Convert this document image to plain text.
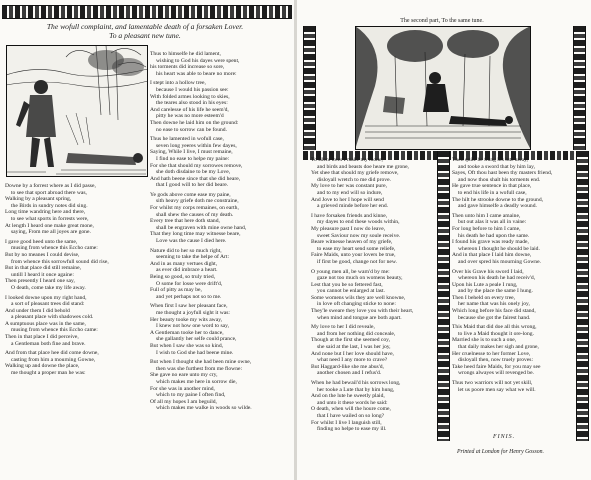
The wofull complaint, and lamentable death of a forsaken Lover.
To a pleasant new tune.
Downe by a forrest where as I did passe,
to see that sport abroad there was,
Walking by a pleasant spring,
the Birds in sundry notes did sing.
Long time wandring here and there,
to see what sports in forrests were,
At length I heard one make great mone,
saying, From me all joyes are gone.
I gave good heed unto the same,
musing from whence this Eccho came:
But by no meanes I could devise,
from whence this sorrowfull sound did rise,
But in that place did still remaine,
untill I heard it once againe:
Then presently I heard one say,
O death, come take my life away.
I looked downe upon my right hand,
a sort of pleasant trees did stand:
And under them I did behold
a pleasant place with shadowes cold.
A sumptuous place was in the same,
musing from whence this Eccho came:
Then in that place I did perceive,
a Gentleman both fine and brave.
And from that place hee did come downe,
casting from him a mourning Gowne,
Walking up and downe the place,
me thought a proper man he was:
Thus to himselfe he did lament,
wishing to God his dayes were spent,
his torments did increase so sore,
his heart was able to beare no more:
I stept into a hollow tree,
because I would his passion see:
With folded armes looking to skies,
the teares also stood in his eyes:
And carelesse of his life he seem'd,
pitty he was no more esteem'd
Then downe he laid him on the ground:
no ease to sorrow can be found.
Thus he lamented in wofull case,
seven long yeeres within few dayes,
Saying, While I live, I must remaine,
I find no ease to helpe my paine:
For she that should my sorrowes remove,
she doth disdaine to be my Love,
And hath beene since that she did heare,
that I good will to her did beare.
Ye gods above come ease my paine,
sith heavy griefe doth me constraine,
For whilst my corps remaines, on earth,
shall shew the causes of my death.
Every tree that here doth stand,
shall be engraven with mine owne hand,
That they long time may witnesse beare,
Love was the cause I died here.
Nature did to her so much right,
seeming to take the helpe of Art:
And in as many vertues dight,
as ever did imbrace a heart.
Being so good, so truly tried,
O some for losse were drift'd,
Full of pitty as may be,
and yet perhaps not so to me.
When first I saw her pleasant face,
me thought a joyfull sight it was:
Her beauty tooke my wits away,
I knew not how one word to say,
A Gentleman tooke her to dance,
she gallantly her selfe could prance,
But when I saw she was so kind,
I wish to God she had beene mine.
But when I thought she had been mine owne,
then was she furthest from me flowne:
She gave no eare unto my cry,
which makes me here in sorrow die,
For she was in another mind,
which to my paine I often find,
Of all my hopes I am beguild,
which makes me walke in woods so wilde.
The second part, To the same tune.
To silent trees I make my mone,
and birds and beasts doe heare me grone,
Yet shee that should my griefe remove,
disloyall wretch to me did prove.
My love to her was constant pure,
and to my end will so indure,
And Jove to her I hope will send
a grieved minde before her end.
I have forsaken friends and kinne,
my dayes to end these woods within,
My pleasure past I now do leave,
sweet Saviour now my soule receive.
Beare witnesse heaven of my griefe,
to ease my heart send some reliefe,
Faire Maids, unto your lovers be true,
if first be good, change not for new.
O young men all, be warn'd by me:
gaze not too much on womens beauty,
Lest that you be so fettered fast,
you cannot be enlarged at last.
Some womens wils they are well knowne,
in love oft changing sticke to none:
They'le sweare they love you with their heart,
when mind and tongue are both apart.
My love to her I did reveale,
and from her nothing did conceale,
Though at the first she seemed coy,
she said at the last, I was her joy,
And none but I her love should have,
what need I any more to crave?
But Haggard-like she me abus'd,
another chosen and I refus'd.
When he had bewail'd his sorrows long,
her tooke a Lute that by him hung,
And on the lute he sweetly plaid,
and unto it these words he said:
O death, when will the houre come,
that I have wailed on so long?
For whilst I live I languish still,
finding no helpe to ease my ill.
Then quite he flung his lute away,
and tooke a sword that by him lay,
Sayes, Oft thou hast been thy masters friend,
and now thou shalt his torments end.
He gave true sentence in that place,
to end his life in a wofull case,
The hilt he strooke downe to the ground,
and gave himselfe a deadly wound.
Then unto him I came amaine,
but out alas it was all in vaine:
For long before to him I came,
his death he had upon the same.
I found his grave was ready made,
whereon I thought he should be laid.
And in that place I laid him downe,
and over spred his mourning Gowne.
Over his Grave his sword I laid,
whereon his death he had receiv'd,
Upon his Lute a peale I rung,
and by the place the same I hung.
Then I beheld on every tree,
her name that was his onely joy,
Which long before his face did stand,
because she got the fairest hand.
This Maid that did doe all this wrong,
to live a Maid thought it ore-long.
Married she is to such a one,
that daily makes her sigh and grone,
Her cruelnesse to her former Love,
disloyall then, now truely proves:
Take heed faire Maids, for you may see
wrongs alwayes will revenged be.
Thus two warriors will not yet skill,
let us poore men say what we will.
FINIS.
Printed at London for Henry Gosson.
